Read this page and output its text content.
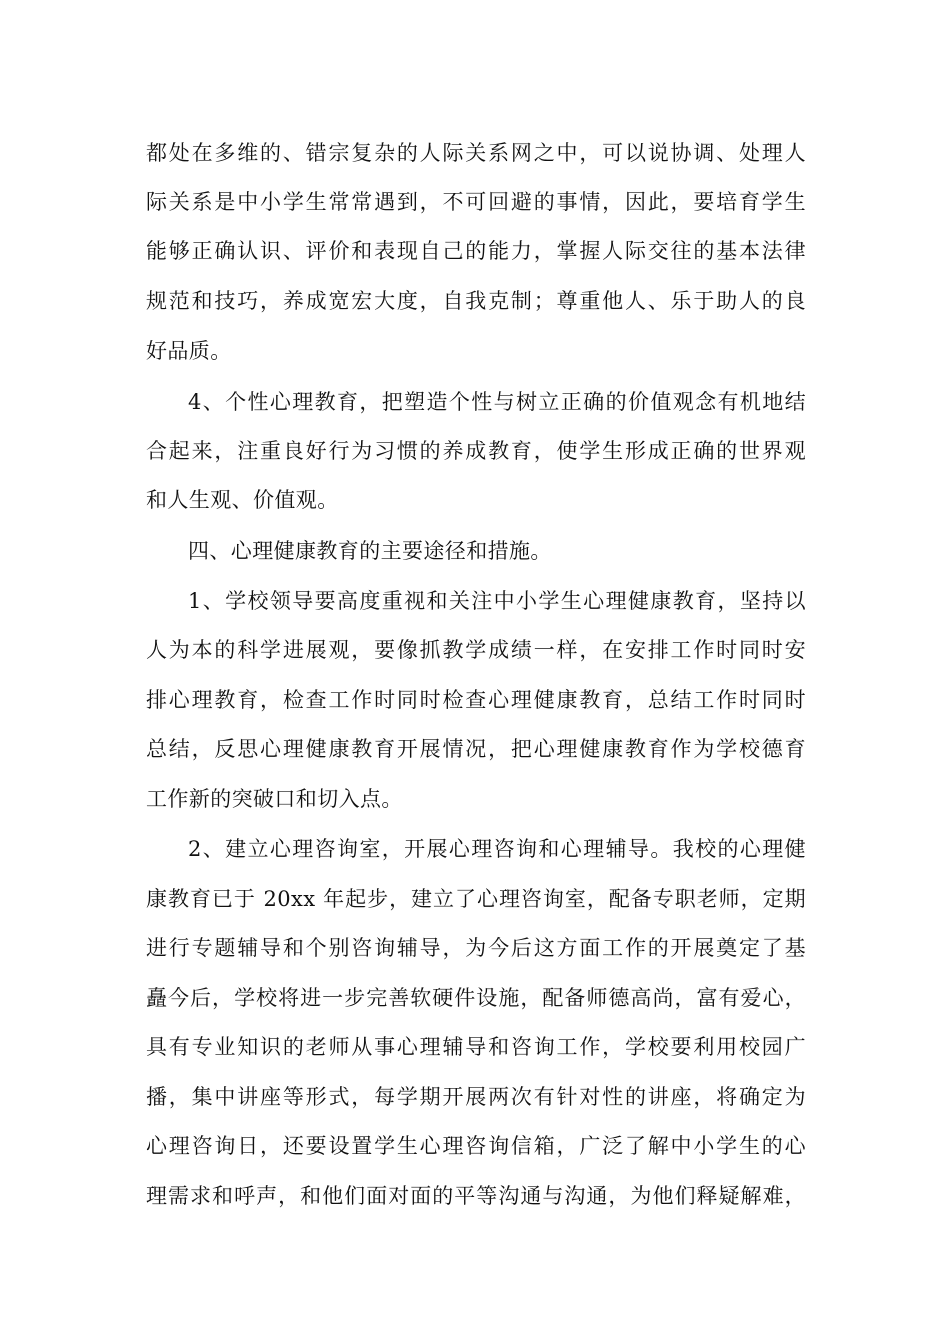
都处在多维的、错宗复杂的人际关系网之中，可以说协调、处理人
际关系是中小学生常常遇到，不可回避的事情，因此，要培育学生
能够正确认识、评价和表现自己的能力，掌握人际交往的基本法律
规范和技巧，养成宽宏大度，自我克制；尊重他人、乐于助人的良
好品质。
4、个性心理教育，把塑造个性与树立正确的价值观念有机地结
合起来，注重良好行为习惯的养成教育，使学生形成正确的世界观
和人生观、价值观。
四、心理健康教育的主要途径和措施。
1、学校领导要高度重视和关注中小学生心理健康教育，坚持以
人为本的科学进展观，要像抓教学成绩一样，在安排工作时同时安
排心理教育，检查工作时同时检查心理健康教育，总结工作时同时
总结，反思心理健康教育开展情况，把心理健康教育作为学校德育
工作新的突破口和切入点。
2、建立心理咨询室，开展心理咨询和心理辅导。我校的心理健
康教育已于 20xx 年起步，建立了心理咨询室，配备专职老师，定期
进行专题辅导和个别咨询辅导，为今后这方面工作的开展奠定了基
矗今后，学校将进一步完善软硬件设施，配备师德高尚，富有爱心，
具有专业知识的老师从事心理辅导和咨询工作，学校要利用校园广
播，集中讲座等形式，每学期开展两次有针对性的讲座，将确定为
心理咨询日，还要设置学生心理咨询信箱，广泛了解中小学生的心
理需求和呼声，和他们面对面的平等沟通与沟通，为他们释疑解难，
